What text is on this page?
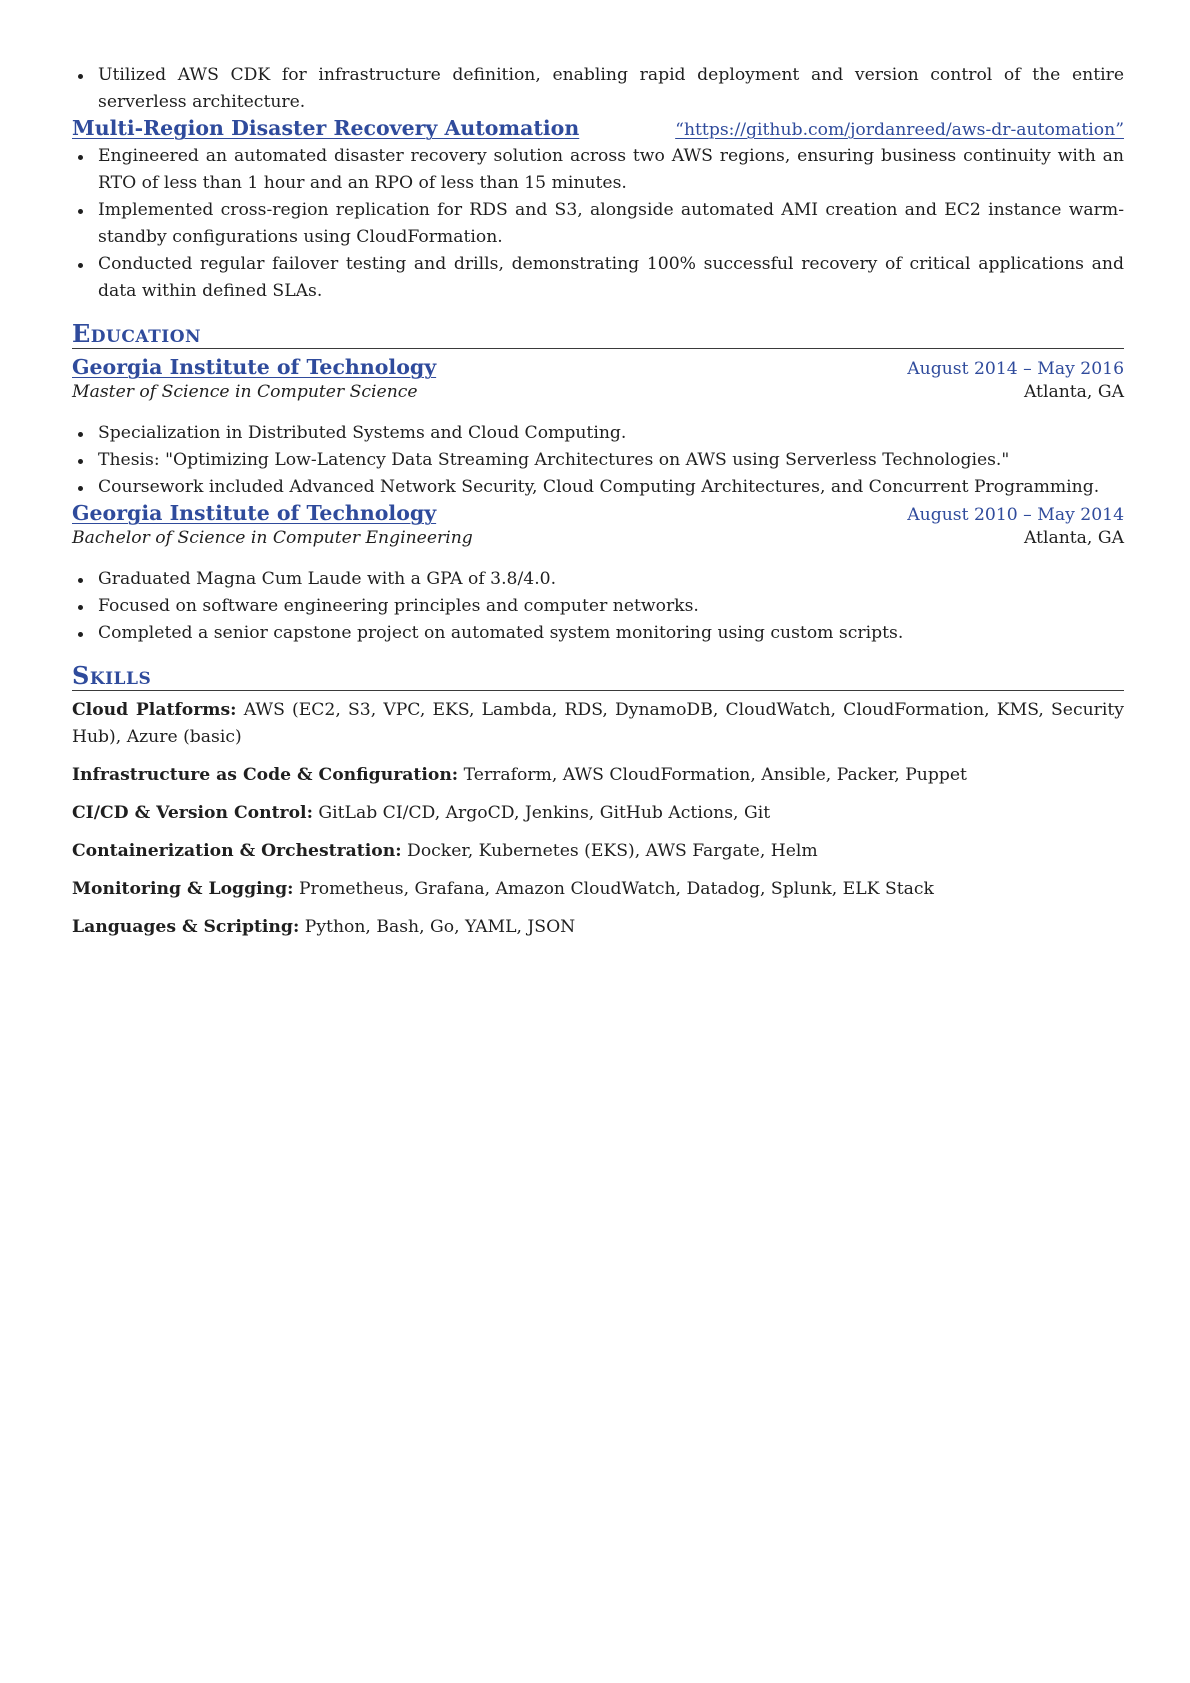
Utilized AWS CDK for infrastructure definition, enabling rapid deployment and version control of the entire serverless architecture.
Multi-Region Disaster Recovery Automation	“https://github.com/jordanreed/aws-dr-automation”
Engineered an automated disaster recovery solution across two AWS regions, ensuring business continuity with an RTO of less than 1 hour and an RPO of less than 15 minutes.
Implemented cross-region replication for RDS and S3, alongside automated AMI creation and EC2 instance warm-standby configurations using CloudFormation.
Conducted regular failover testing and drills, demonstrating 100% successful recovery of critical applications and data within defined SLAs.
Education
Georgia Institute of Technology	August 2014 – May 2016
Master of Science in Computer Science	Atlanta, GA
Specialization in Distributed Systems and Cloud Computing.
Thesis: "Optimizing Low-Latency Data Streaming Architectures on AWS using Serverless Technologies."
Coursework included Advanced Network Security, Cloud Computing Architectures, and Concurrent Programming.
Georgia Institute of Technology	August 2010 – May 2014
Bachelor of Science in Computer Engineering	Atlanta, GA
Graduated Magna Cum Laude with a GPA of 3.8/4.0.
Focused on software engineering principles and computer networks.
Completed a senior capstone project on automated system monitoring using custom scripts.
Skills

Cloud Platforms: AWS (EC2, S3, VPC, EKS, Lambda, RDS, DynamoDB, CloudWatch, CloudFormation, KMS, Security Hub), Azure (basic)

Infrastructure as Code & Configuration: Terraform, AWS CloudFormation, Ansible, Packer, Puppet

CI/CD & Version Control: GitLab CI/CD, ArgoCD, Jenkins, GitHub Actions, Git

Containerization & Orchestration: Docker, Kubernetes (EKS), AWS Fargate, Helm

Monitoring & Logging: Prometheus, Grafana, Amazon CloudWatch, Datadog, Splunk, ELK Stack

Languages & Scripting: Python, Bash, Go, YAML, JSON
